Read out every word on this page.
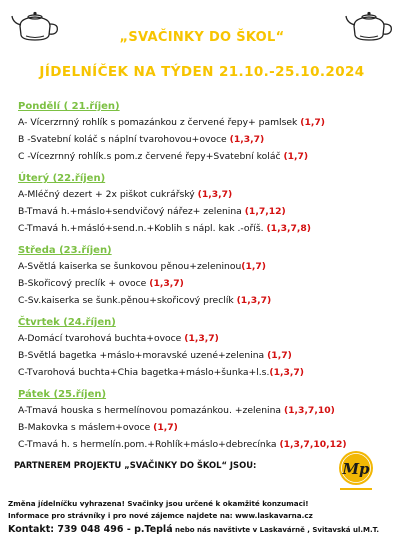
„SVAČINKY DO ŠKOL“
JÍDELNÍČEK NA TÝDEN 21.10.-25.10.2024
Pondělí ( 21.říjen)
A- Vícerzrnný rohlík s pomazánkou z červené řepy+ pamlsek (1,7)
B -Svatební koláč s náplní tvarohovou+ovoce (1,3,7)
C -Vícezrnný rohlík.s pom.z červené řepy+Svatební koláč (1,7)
Úterý (22.říjen)
A-Mléčný dezert + 2x piškot cukrářský (1,3,7)
B-Tmavá h.+máslo+sendvičový nářez+ zelenina (1,7,12)
C-Tmavá h.+másló+send.n.+Koblih s nápl. kak .-oříš. (1,3,7,8)
Středa (23.říjen)
A-Světlá kaiserka se šunkovou pěnou+zeleninou(1,7)
B-Skořicový preclík + ovoce (1,3,7)
C-Sv.kaiserka se šunk.pěnou+skořicový preclík (1,3,7)
Čtvrtek (24.říjen)
A-Domácí tvarohová buchta+ovoce (1,3,7)
B-Světlá bagetka +máslo+moravské uzené+zelenina (1,7)
C-Tvarohová buchta+Chia bagetka+máslo+šunka+l.s.(1,3,7)
Pátek (25.říjen)
A-Tmavá houska s hermelínovou pomazánkou. +zelenina (1,3,7,10)
B-Makovka s máslem+ovoce (1,7)
C-Tmavá h. s hermelín.pom.+Rohlík+máslo+debrecínka (1,3,7,10,12)
PARTNEREM PROJEKTU „SVAČINKY DO ŠKOL“ JSOU:	Mp
Změna jídelníčku vyhrazena! Svačinky jsou určené k okamžité konzumaci!
Informace pro strávníky i pro nové zájemce najdete na: www.laskavarna.cz
Kontakt: 739 048 496 - p.Teplá nebo nás navštivte v Laskavárně , Svitavská ul.M.T.
